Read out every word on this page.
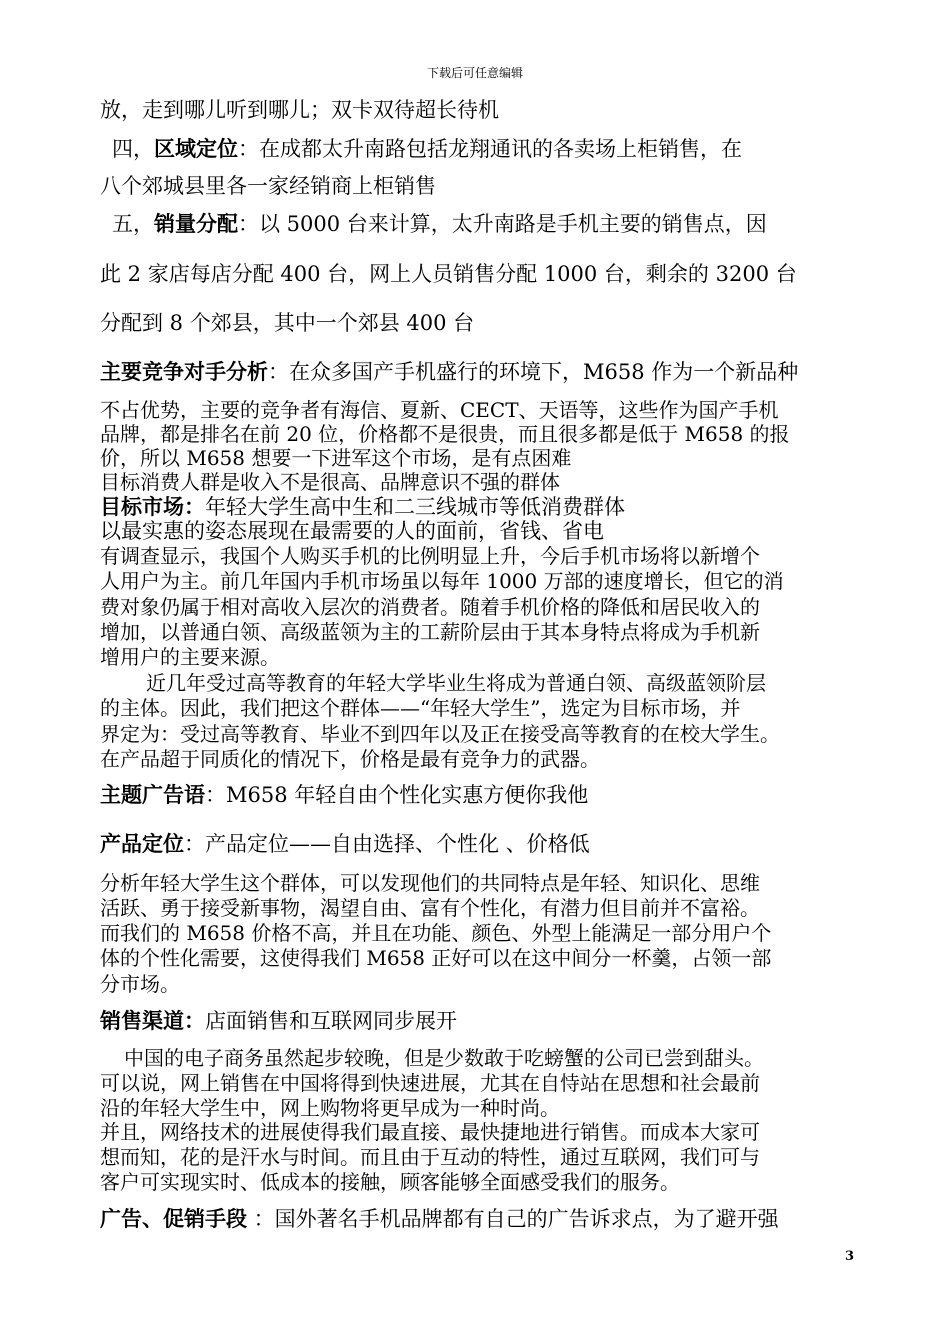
下载后可任意编辑
放，走到哪儿听到哪儿；双卡双待超长待机
四，区域定位：在成都太升南路包括龙翔通讯的各卖场上柜销售，在
八个郊城县里各一家经销商上柜销售
五，销量分配：以 5000 台来计算，太升南路是手机主要的销售点，因
此 2 家店每店分配 400 台，网上人员销售分配 1000 台，剩余的 3200 台
分配到 8 个郊县，其中一个郊县 400 台
主要竞争对手分析：在众多国产手机盛行的环境下，M658 作为一个新品种
不占优势，主要的竞争者有海信、夏新、CECT、天语等，这些作为国产手机
品牌，都是排名在前 20 位，价格都不是很贵，而且很多都是低于 M658 的报
价，所以 M658 想要一下进军这个市场，是有点困难
目标消费人群是收入不是很高、品牌意识不强的群体
目标市场：年轻大学生高中生和二三线城市等低消费群体
以最实惠的姿态展现在最需要的人的面前，省钱、省电
有调查显示，我国个人购买手机的比例明显上升，今后手机市场将以新增个
人用户为主。前几年国内手机市场虽以每年 1000 万部的速度增长，但它的消
费对象仍属于相对高收入层次的消费者。随着手机价格的降低和居民收入的
增加，以普通白领、高级蓝领为主的工薪阶层由于其本身特点将成为手机新
增用户的主要来源。
近几年受过高等教育的年轻大学毕业生将成为普通白领、高级蓝领阶层
的主体。因此，我们把这个群体——“年轻大学生”，选定为目标市场，并
界定为：受过高等教育、毕业不到四年以及正在接受高等教育的在校大学生。
在产品超于同质化的情况下，价格是最有竞争力的武器。
主题广告语：M658 年轻自由个性化实惠方便你我他
产品定位：产品定位——自由选择、个性化 、价格低
分析年轻大学生这个群体，可以发现他们的共同特点是年轻、知识化、思维
活跃、勇于接受新事物，渴望自由、富有个性化，有潜力但目前并不富裕。
而我们的 M658 价格不高，并且在功能、颜色、外型上能满足一部分用户个
体的个性化需要，这使得我们 M658 正好可以在这中间分一杯羹，占领一部
分市场。
销售渠道：店面销售和互联网同步展开
中国的电子商务虽然起步较晚，但是少数敢于吃螃蟹的公司已尝到甜头。
可以说，网上销售在中国将得到快速进展，尤其在自恃站在思想和社会最前
沿的年轻大学生中，网上购物将更早成为一种时尚。
并且，网络技术的进展使得我们最直接、最快捷地进行销售。而成本大家可
想而知，花的是汗水与时间。而且由于互动的特性，通过互联网，我们可与
客户可实现实时、低成本的接触，顾客能够全面感受我们的服务。
广告、促销手段 ：国外著名手机品牌都有自己的广告诉求点，为了避开强
3
